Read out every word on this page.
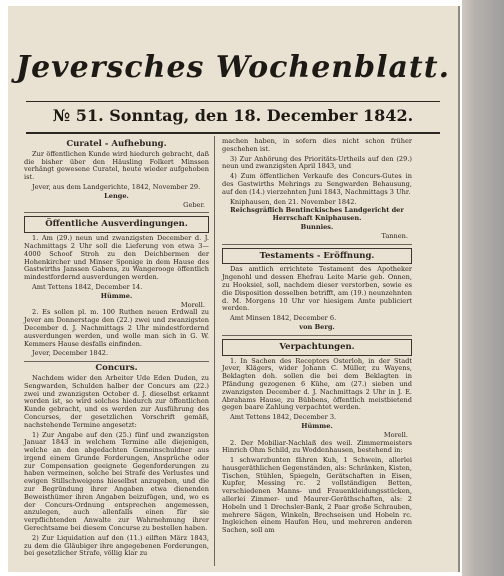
Jeversches Wochenblatt.
№ 51. Sonntag, den 18. December 1842.
Curatel - Aufhebung.
Zur öffentlichen Kunde wird hiedurch gebracht, daß die bisher über den Häusling Folkert Minssen verhängt gewesene Curatel, heute wieder aufgehoben ist.
Jever, aus dem Landgerichte, 1842, November 29.
Lenge.
Geber.
Öffentliche Ausverdingungen.
1. Am (29.) neun und zwanzigsten December d. J. Nachmittags 2 Uhr soll die Lieferung von etwa 3—4000 Schoof Stroh zu den Deichbermen der Hohenkircher und Minser Sponige in dem Hause des Gastwirths Janssen Gabens, zu Wangerooge öffentlich mindestfordernd ausverdungen werden.
Amt Tettens 1842, December 14.
Hümme.
Morell.
2. Es sollen pl. m. 100 Ruthen neuen Erdwall zu Jever am Donnerstage den (22.) zwei und zwanzigsten December d. J. Nachmittags 2 Uhr mindestfordernd ausverdungen werden, und wolle man sich in G. W. Kemmers Hause desfalls einfinden.
Jever, December 1842.
Concurs.
Nachdem wider den Arbeiter Ude Eden Duden, zu Sengwarden, Schulden halber der Concurs am (22.) zwei und zwanzigsten October d. J. dieselbst erkannt worden ist, so wird solches hiedurch zur öffentlichen Kunde gebracht, und es werden zur Ausführung des Concurses, der gesetzlichen Vorschrift gemäß, nachstehende Termine angesetzt:
1) Zur Angabe auf den (25.) fünf und zwanzigsten Januar 1843 in welchem Termine alle diejenigen, welche an den abgedachten Gemeinschuldner aus irgend einem Grunde Forderungen, Ansprüche oder zur Compensation geeignete Gegenforderungen zu haben vermeinen, solche bei Strafe des Verlustes und ewigen Stillschweigens hieselbst anzugeben, und die zur Begründung ihrer Angaben etwa dienenden Beweisthümer ihren Angaben beizufügen, und, wo es der Concurs-Ordnung entsprechen angemessen, anzulegen, auch allenfalls einen für sie verpflichtenden Anwalte zur Wahrnehmung ihrer Gerechtsame bei diesem Concurse zu bestellen haben.
2) Zur Liquidation auf den (11.) eilften März 1843, zu dem die Gläubiger ihre angegebenen Forderungen, bei gesetzlicher Strafe, völlig klar zu
machen haben, in sofern dies nicht schon früher geschehen ist.
3) Zur Anhörung des Prioritäts-Urtheils auf den (29.) neun und zwanzigsten April 1843, und
4) Zum öffentlichen Verkaufe des Concurs-Gutes in des Gastwirths Mehrings zu Sengwarden Behausung, auf den (14.) vierzehnten Juni 1843, Nachmittags 3 Uhr.
Kniphausen, den 21. November 1842.
Reichsgräflich Bentinckisches Landgericht der Herrschaft Kniphausen.
Bunnies.
Tannen.
Testaments - Eröffnung.
Das amtlich errichtete Testament des Apotheker Jngenohl und dessen Ehefrau Leite Marie geb. Onnen, zu Hooksiel, soll, nachdem dieser verstorben, sowie es die Disposition desselben betrifft, am (19.) neunzehnten d. M. Morgens 10 Uhr vor hiesigem Amte publiciert werden.
Amt Minsen 1842, December 6.
von Berg.
Verpachtungen.
1. In Sachen des Receptors Osterloh, in der Stadt Jever, Klägers, wider Johann C. Müller, zu Wayens, Beklagten doh. sollen die bei dem Beklagten in Pfändung gezogenen 6 Kühe, am (27.) sieben und zwanzigsten December d. J. Nachmittags 2 Uhr in J. E. Abrahams Hause, zu Bübbens, öffentlich meistbietend gegen baare Zahlung verpachtet werden.
Amt Tettens 1842, December 3.
Hümme.
Morell.
2. Der Mobiliar-Nachlaß des weil. Zimmermeisters Hinrich Ohm Schild, zu Woddenhausen, bestehend in:
1 schwarzbunten fähren Kuh, 1 Schwein, allerlei hausgeräthlichen Gegenständen, als: Schränken, Kisten, Tischen, Stühlen, Spiegeln, Gerätschaften in Eisen, Kupfer, Messing rc. 2 vollständigen Betten, verschiedenen Manns- und Frauenkleidungsstücken, allerlei Zimmer- und Maurer-Geräthschaften, als: 2 Hobeln und 1 Drechsler-Bank, 2 Paar große Schrauben, mehrere Sägen, Winkeln, Brechseisen und Hobeln rc. Ingleichen einem Haufen Heu, und mehreren anderen Sachen, soll am
